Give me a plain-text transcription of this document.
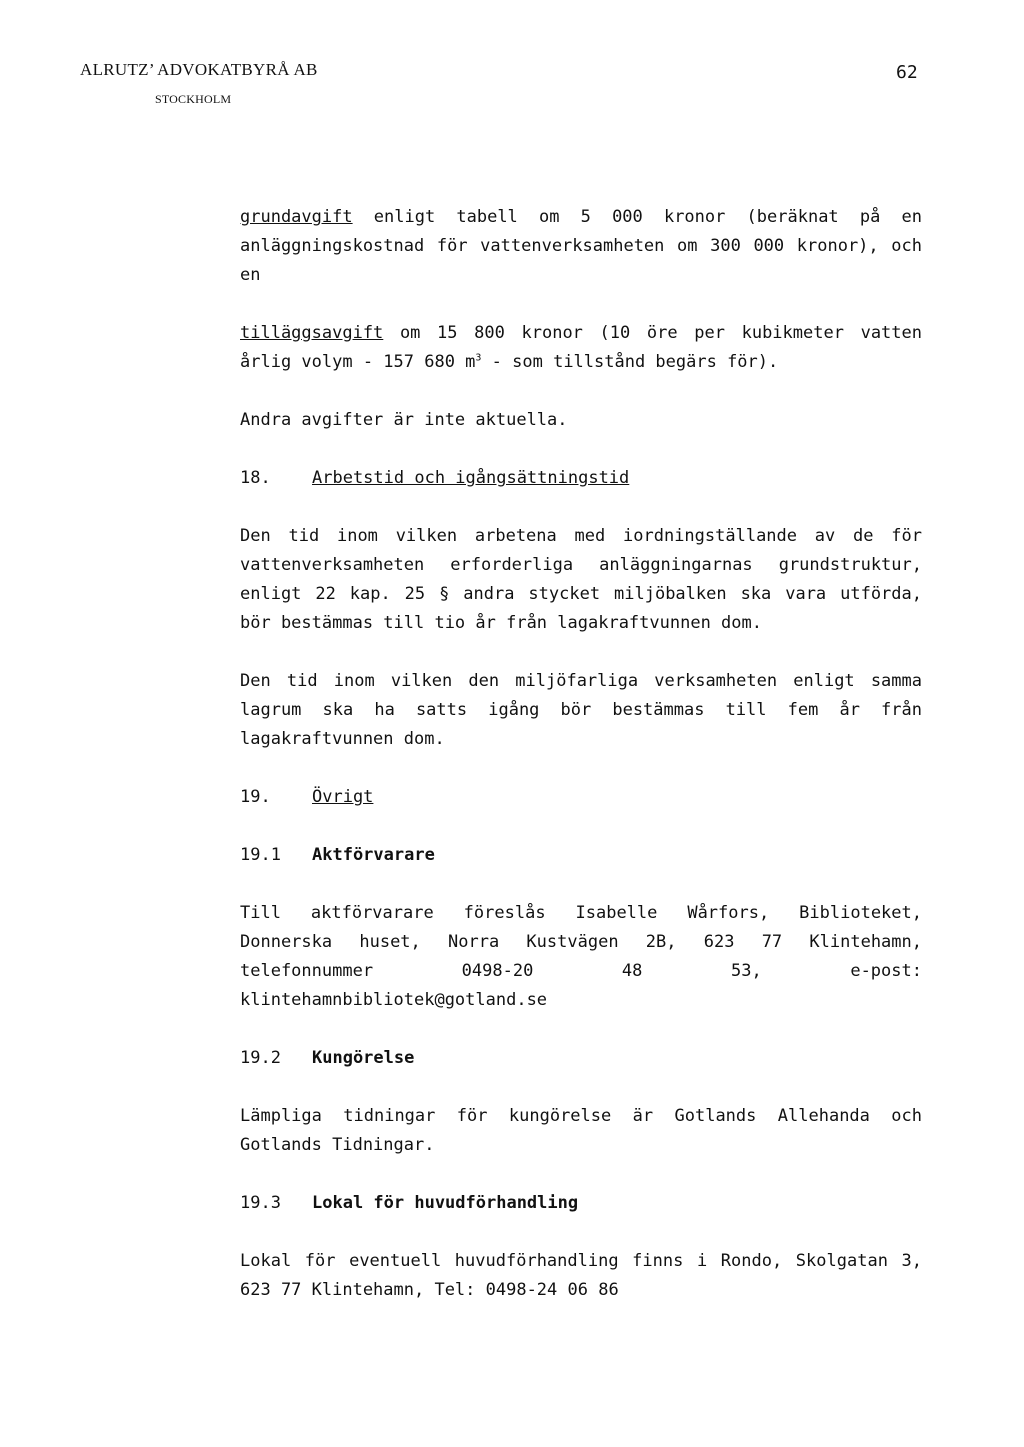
ALRUTZ’ ADVOKATBYRÅ AB
STOCKHOLM
62

grundavgift enligt tabell om 5 000 kronor (beräknat på en anläggningskostnad för vattenverksamheten om 300 000 kronor), och en

tilläggsavgift om 15 800 kronor (10 öre per kubikmeter vatten årlig volym - 157 680 $m^3$ - som tillstånd begärs för).

Andra avgifter är inte aktuella.

18.	Arbetstid och igångsättningstid

Den tid inom vilken arbetena med iordningställande av de för vattenverksamheten erforderliga anläggningarnas grundstruktur, enligt 22 kap. 25 § andra stycket miljöbalken ska vara utförda, bör bestämmas till tio år från lagakraftvunnen dom.

Den tid inom vilken den miljöfarliga verksamheten enligt samma lagrum ska ha satts igång bör bestämmas till fem år från lagakraftvunnen dom.

19.	Övrigt
19.1	Aktförvarare

Till aktförvarare föreslås Isabelle Wårfors, Biblioteket, Donnerska huset, Norra Kustvägen 2B, 623 77 Klintehamn, telefonnummer 0498-20 48 53, e-post: klintehamnbibliotek@gotland.se

19.2	Kungörelse

Lämpliga tidningar för kungörelse är Gotlands Allehanda och Gotlands Tidningar.

19.3	Lokal för huvudförhandling

Lokal för eventuell huvudförhandling finns i Rondo, Skolgatan 3, 623 77 Klintehamn, Tel: 0498-24 06 86
